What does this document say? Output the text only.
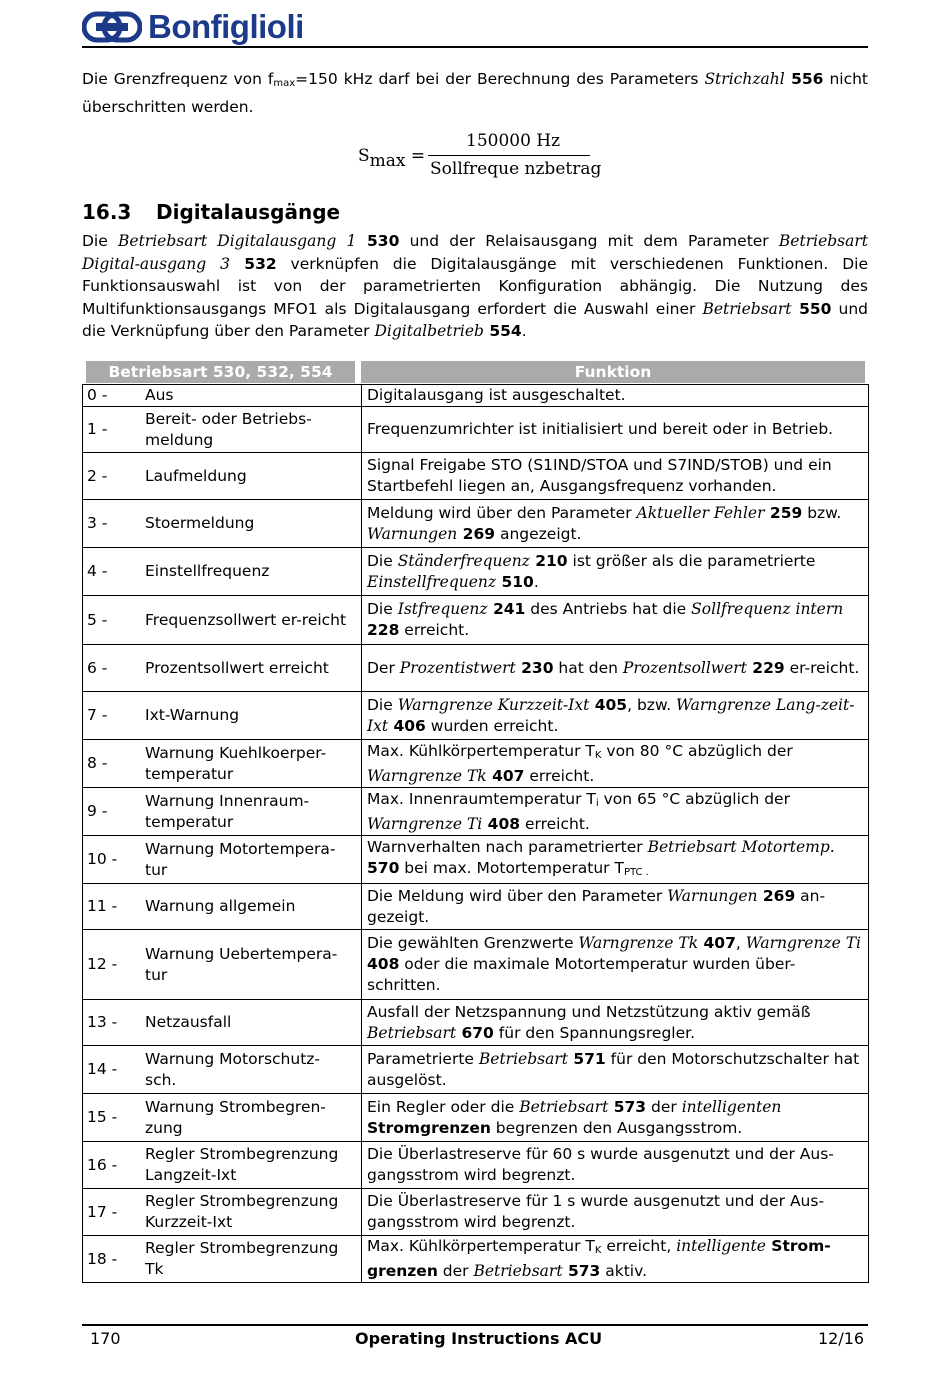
Bonfiglioli
Die Grenzfrequenz von $f_{max}=150$ kHz darf bei der Berechnung des Parameters Strichzahl 556 nicht überschritten werden.
$S_{max}$ =
150000 Hz
Sollfreque nzbetrag
16.3 Digitalausgänge
Die Betriebsart Digitalausgang 1 530 und der Relaisausgang mit dem Parameter Betriebsart Digital-ausgang 3 532 verknüpfen die Digitalausgänge mit verschiedenen Funktionen. Die Funktionsauswahl ist von der parametrierten Konfiguration abhängig. Die Nutzung des Multifunktionsausgangs MFO1 als Digitalausgang erfordert die Auswahl einer Betriebsart 550 und die Verknüpfung über den Parameter Digitalbetrieb 554.
Betriebsart 530, 532, 554	Funktion
0 - Aus	Digitalausgang ist ausgeschaltet.
1 -Bereit- oder Betriebs-meldung	Frequenzumrichter ist initialisiert und bereit oder in Betrieb.
2 - Laufmeldung	Signal Freigabe STO (S1IND/STOA und S7IND/STOB) und ein Startbefehl liegen an, Ausgangsfrequenz vorhanden.
3 - Stoermeldung	Meldung wird über den Parameter Aktueller Fehler 259 bzw. Warnungen 269 angezeigt.
4 - Einstellfrequenz	Die Ständerfrequenz 210 ist größer als die parametrierte Einstellfrequenz 510.
5 - Frequenzsollwert er-reicht	Die Istfrequenz 241 des Antriebs hat die Sollfrequenz intern 228 erreicht.
6 - Prozentsollwert erreicht	Der Prozentistwert 230 hat den Prozentsollwert 229 er-reicht.
7 - Ixt-Warnung	Die Warngrenze Kurzzeit-Ixt 405, bzw. Warngrenze Lang-zeit-Ixt 406 wurden erreicht.
8 -Warnung Kuehlkoerper-temperatur	Max. Kühlkörpertemperatur $T_K$ von 80 °C abzüglich der Warngrenze Tk 407 erreicht.
9 -Warnung Innenraum-temperatur	Max. Innenraumtemperatur $T_i$ von 65 °C abzüglich der Warngrenze Ti 408 erreicht.
10 -Warnung Motortempera-tur	Warnverhalten nach parametrierter Betriebsart Motortemp. 570 bei max. Motortemperatur $T_{PTC .}$
11 - Warnung allgemein	Die Meldung wird über den Parameter Warnungen 269 an-gezeigt.
12 -Warnung Uebertempera-tur	Die gewählten Grenzwerte Warngrenze Tk 407, Warngrenze Ti 408 oder die maximale Motortemperatur wurden über-schritten.
13 - Netzausfall	Ausfall der Netzspannung und Netzstützung aktiv gemäß Betriebsart 670 für den Spannungsregler.
14 -Warnung Motorschutz-sch.	Parametrierte Betriebsart 571 für den Motorschutzschalter hat ausgelöst.
15 -Warnung Strombegren-zung	Ein Regler oder die Betriebsart 573 der intelligenten Stromgrenzen begrenzen den Ausgangsstrom.
16 -Regler Strombegrenzung Langzeit-Ixt	Die Überlastreserve für 60 s wurde ausgenutzt und der Aus-gangsstrom wird begrenzt.
17 -Regler Strombegrenzung Kurzzeit-Ixt	Die Überlastreserve für 1 s wurde ausgenutzt und der Aus-gangsstrom wird begrenzt.
18 -Regler Strombegrenzung Tk	Max. Kühlkörpertemperatur $T_K$ erreicht, intelligente Strom-grenzen der Betriebsart 573 aktiv.
170	Operating Instructions ACU	12/16
